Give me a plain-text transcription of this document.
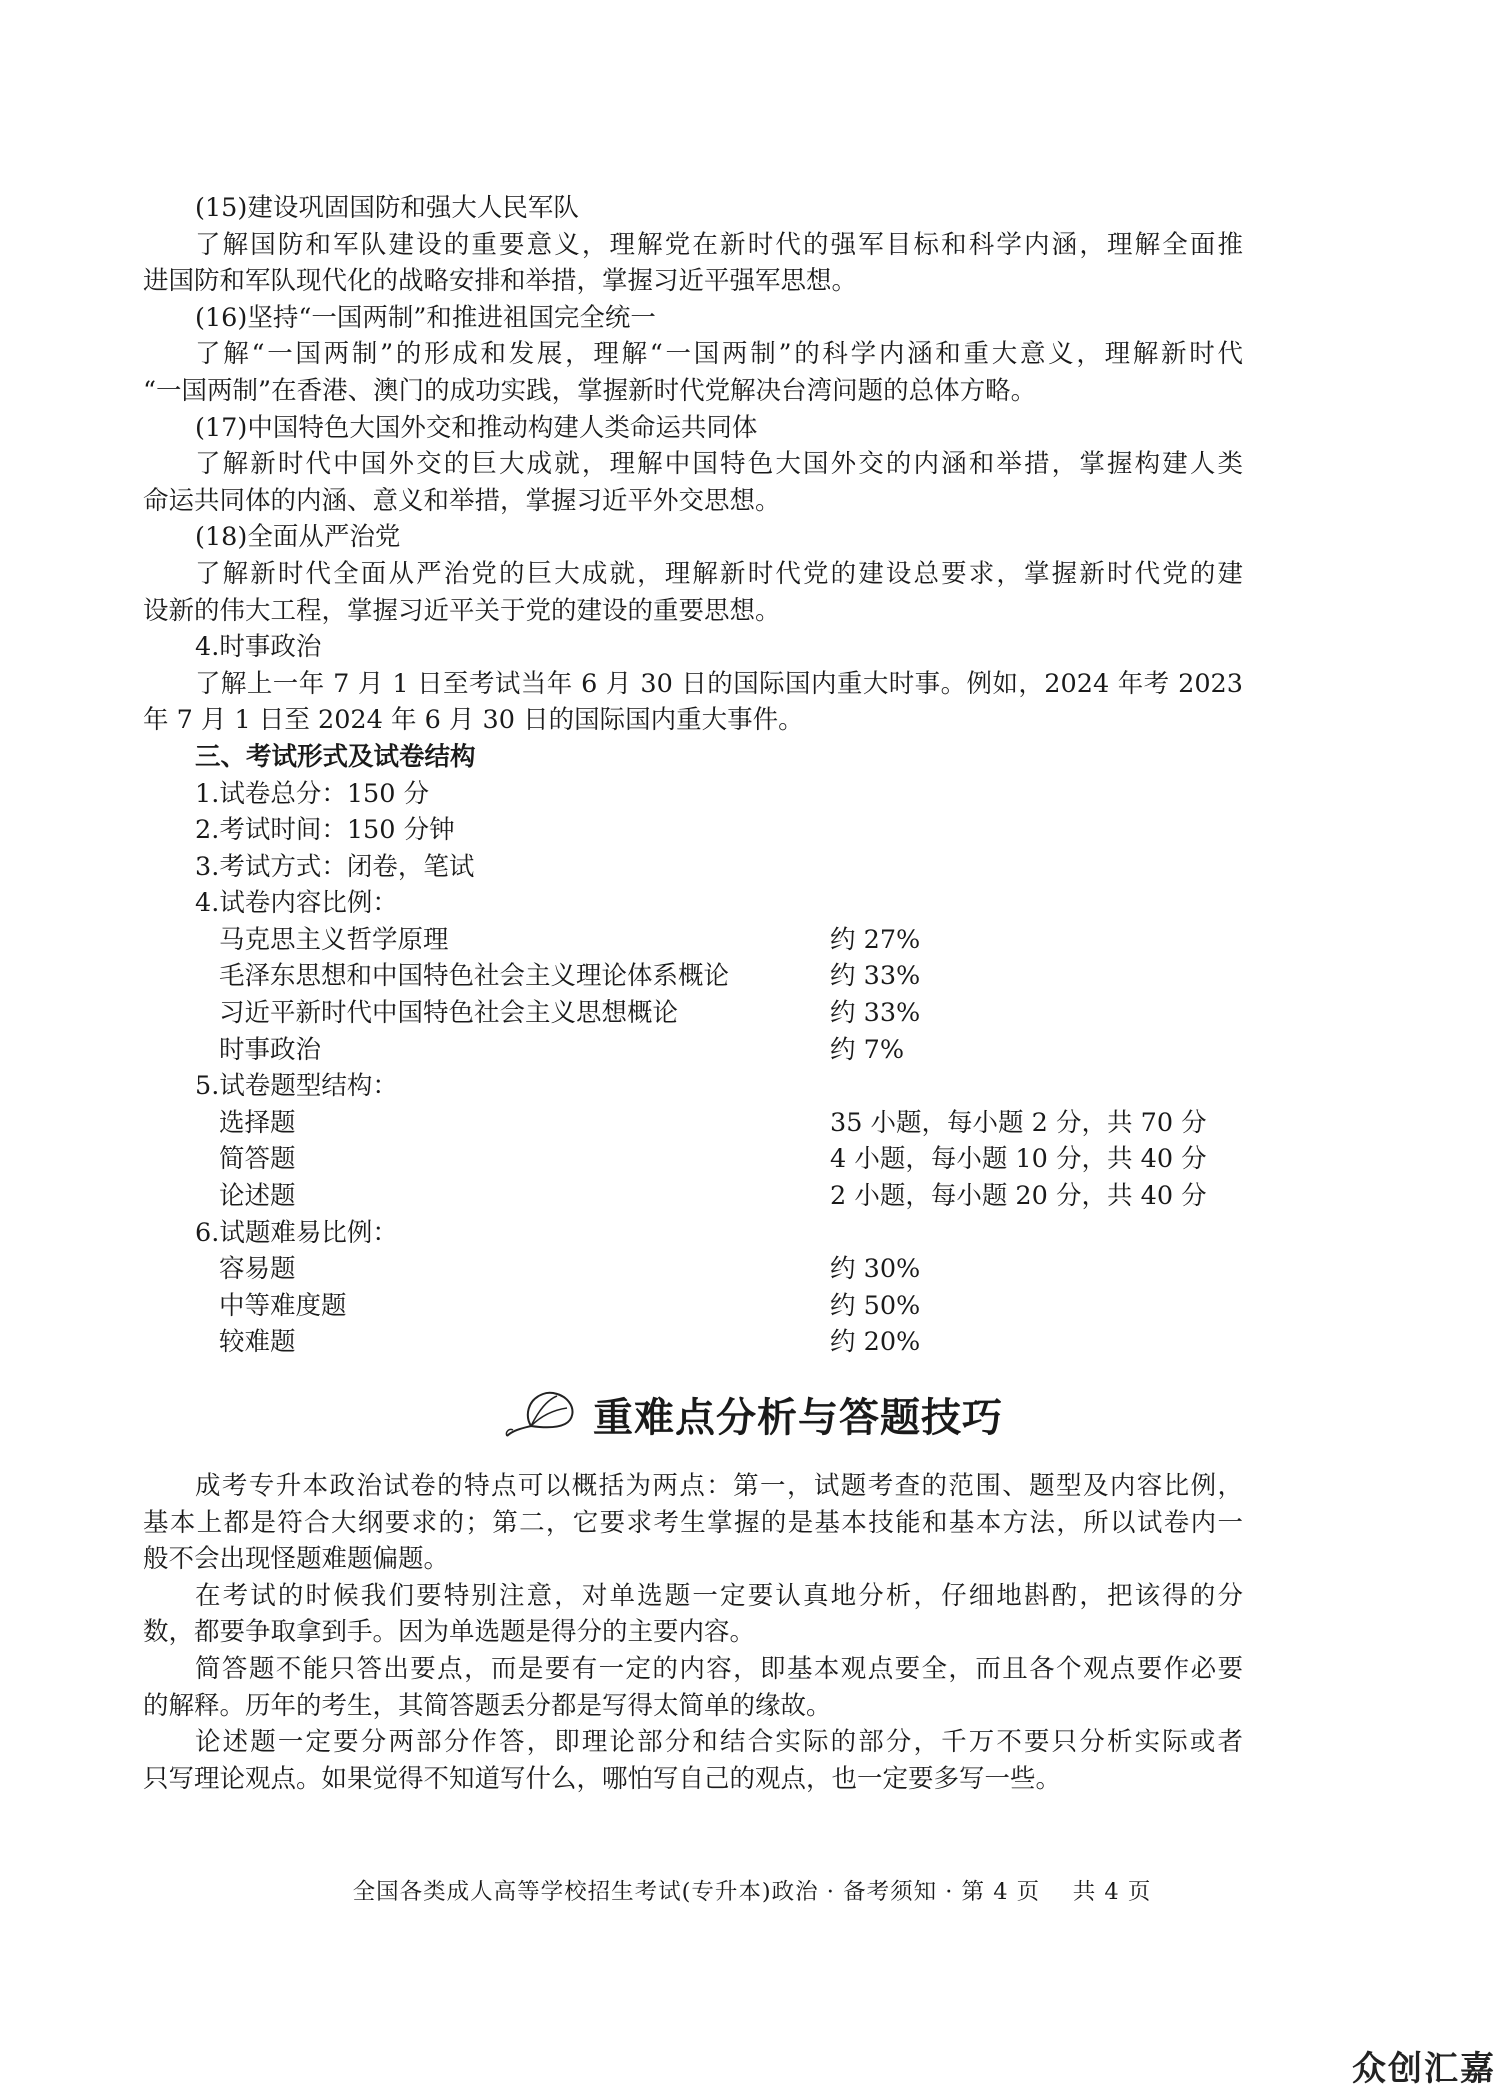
(15)建设巩固国防和强大人民军队
了解国防和军队建设的重要意义，理解党在新时代的强军目标和科学内涵，理解全面推
进国防和军队现代化的战略安排和举措，掌握习近平强军思想。
(16)坚持“一国两制”和推进祖国完全统一
了解“一国两制”的形成和发展，理解“一国两制”的科学内涵和重大意义，理解新时代
“一国两制”在香港、澳门的成功实践，掌握新时代党解决台湾问题的总体方略。
(17)中国特色大国外交和推动构建人类命运共同体
了解新时代中国外交的巨大成就，理解中国特色大国外交的内涵和举措，掌握构建人类
命运共同体的内涵、意义和举措，掌握习近平外交思想。
(18)全面从严治党
了解新时代全面从严治党的巨大成就，理解新时代党的建设总要求，掌握新时代党的建
设新的伟大工程，掌握习近平关于党的建设的重要思想。
4.时事政治
了解上一年 7 月 1 日至考试当年 6 月 30 日的国际国内重大时事。例如，2024 年考 2023
年 7 月 1 日至 2024 年 6 月 30 日的国际国内重大事件。
三、考试形式及试卷结构
1.试卷总分：150 分
2.考试时间：150 分钟
3.考试方式：闭卷，笔试
4.试卷内容比例：
马克思主义哲学原理	约 27%
毛泽东思想和中国特色社会主义理论体系概论	约 33%
习近平新时代中国特色社会主义思想概论	约 33%
时事政治	约 7%
5.试卷题型结构：
选择题	35 小题，每小题 2 分，共 70 分
简答题	4 小题，每小题 10 分，共 40 分
论述题	2 小题，每小题 20 分，共 40 分
6.试题难易比例：
容易题	约 30%
中等难度题	约 50%
较难题	约 20%
重难点分析与答题技巧
成考专升本政治试卷的特点可以概括为两点：第一，试题考查的范围、题型及内容比例，
基本上都是符合大纲要求的；第二，它要求考生掌握的是基本技能和基本方法，所以试卷内一
般不会出现怪题难题偏题。
在考试的时候我们要特别注意，对单选题一定要认真地分析，仔细地斟酌，把该得的分
数，都要争取拿到手。因为单选题是得分的主要内容。
简答题不能只答出要点，而是要有一定的内容，即基本观点要全，而且各个观点要作必要
的解释。历年的考生，其简答题丢分都是写得太简单的缘故。
论述题一定要分两部分作答，即理论部分和结合实际的部分，千万不要只分析实际或者
只写理论观点。如果觉得不知道写什么，哪怕写自己的观点，也一定要多写一些。
全国各类成人高等学校招生考试(专升本)政治 · 备考须知 · 第 4 页 共 4 页
众创汇嘉
